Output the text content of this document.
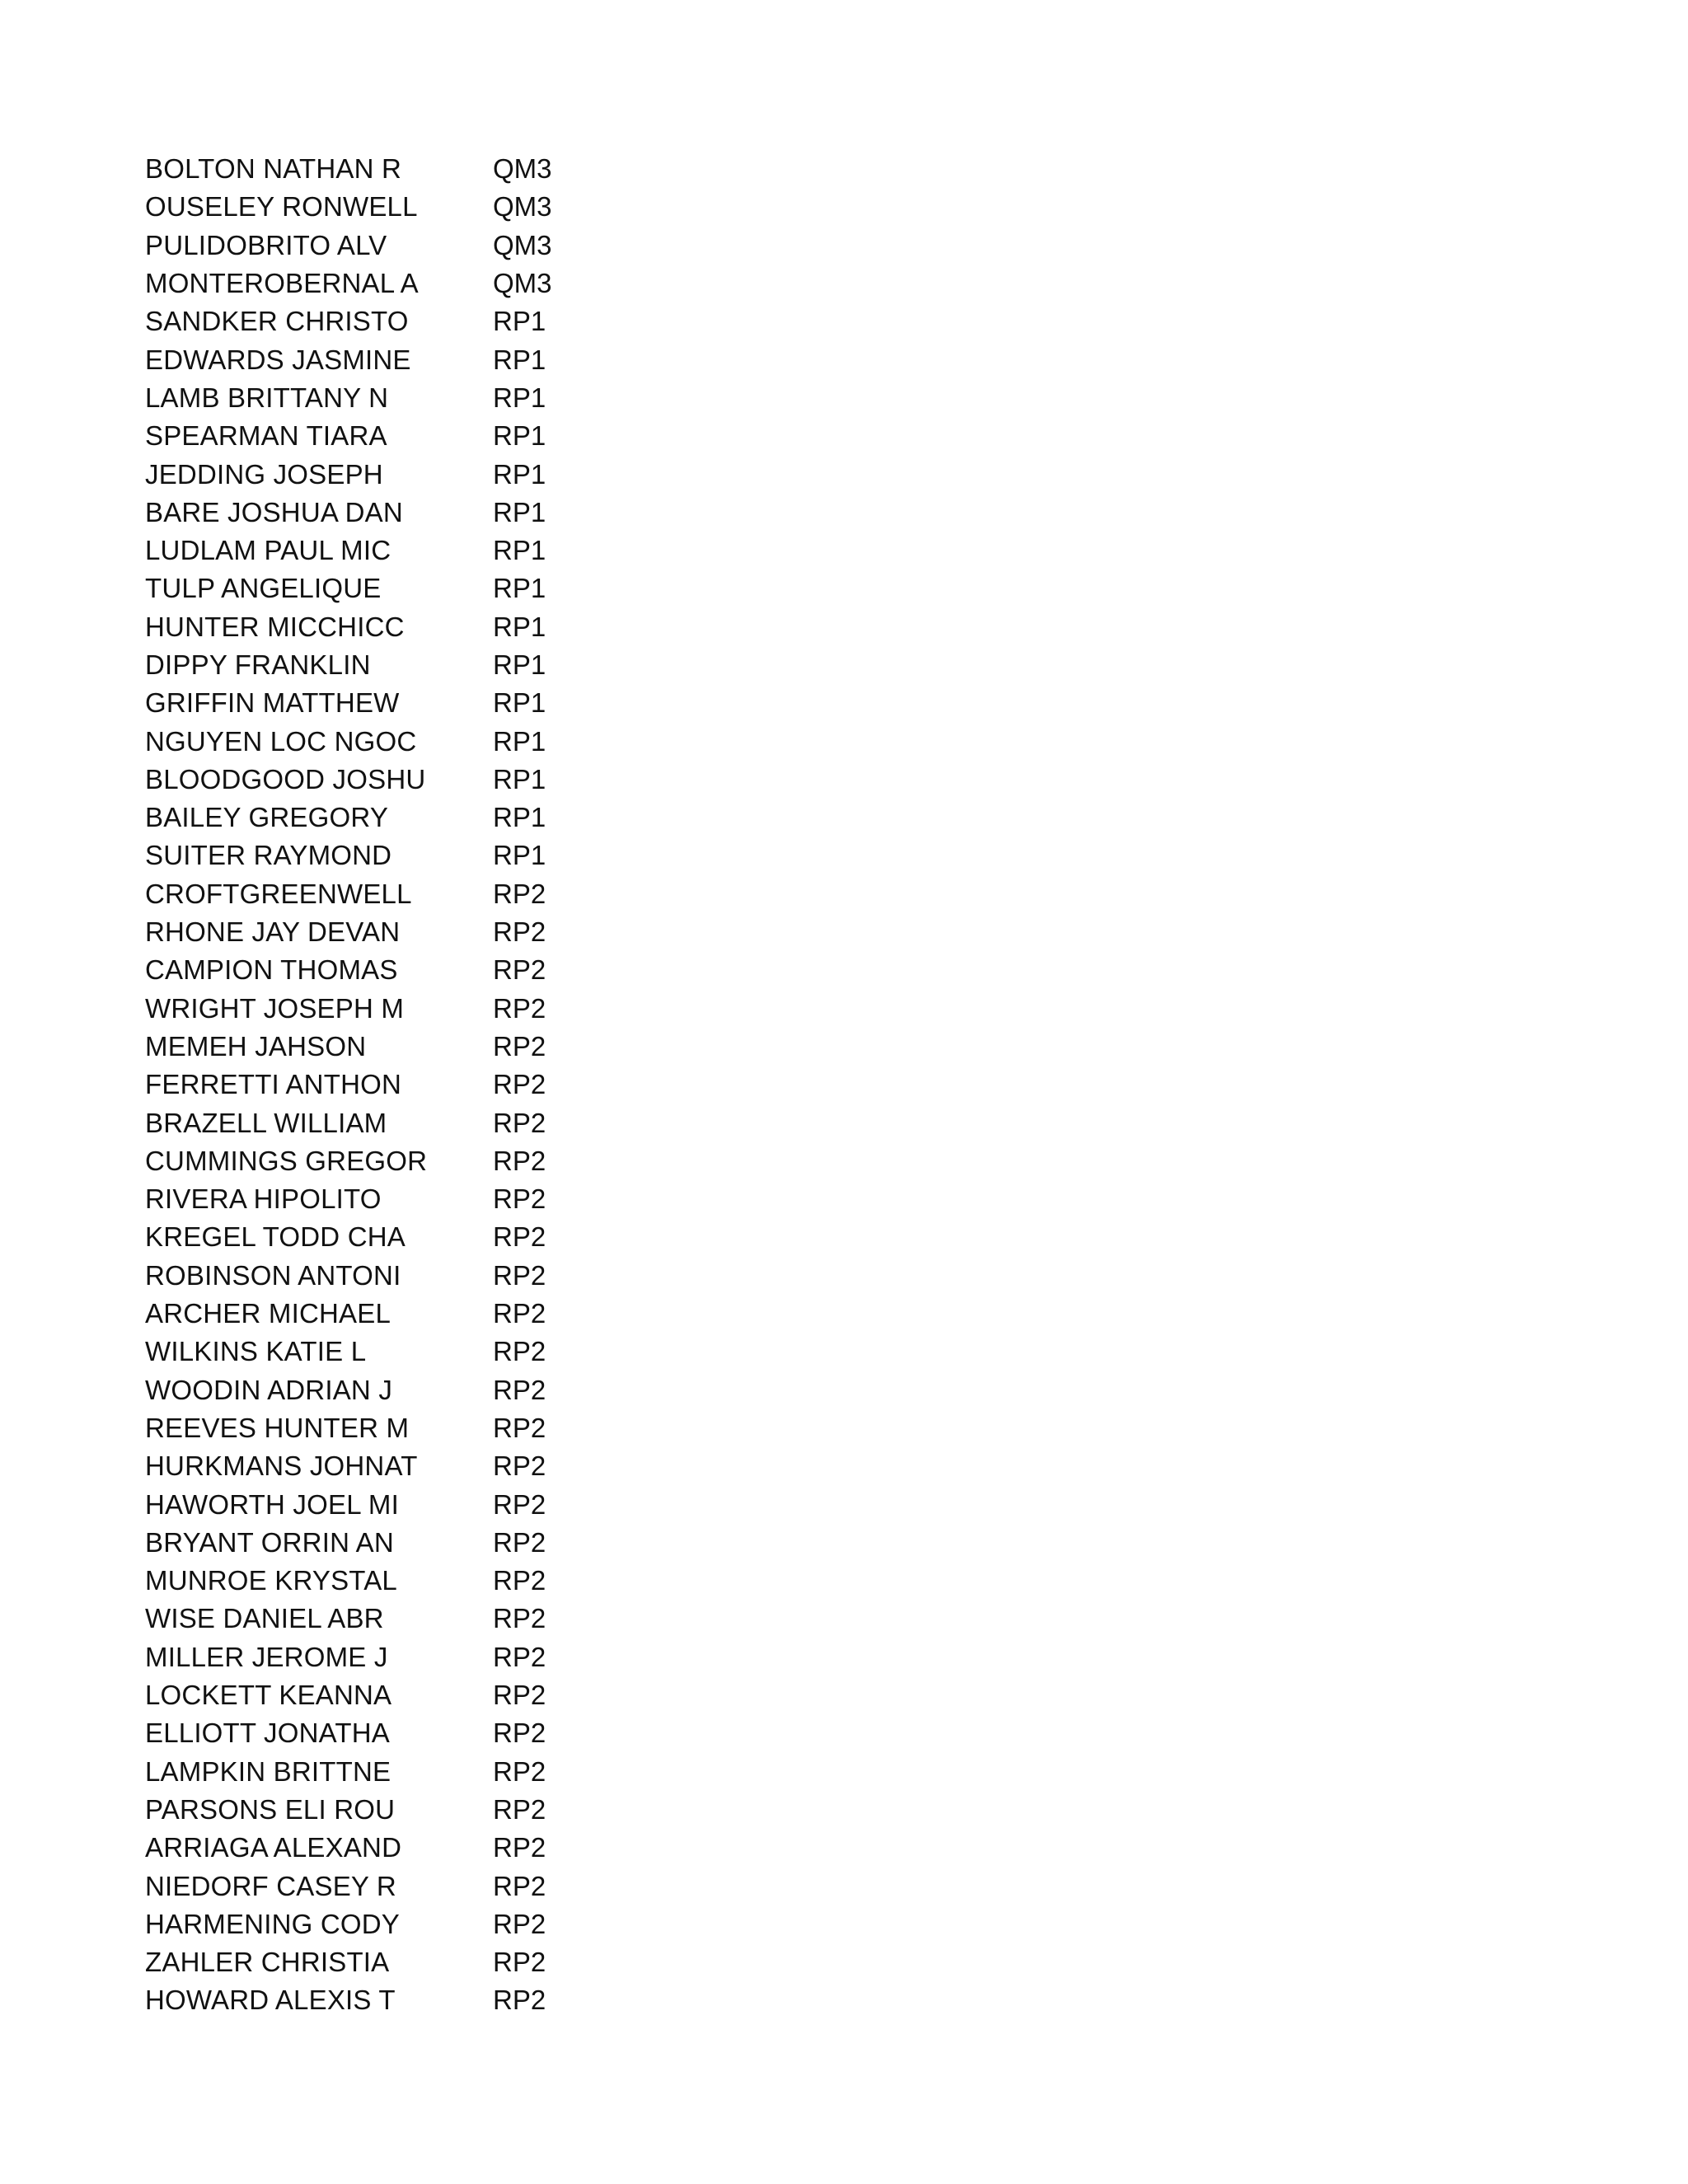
BOLTON NATHAN R	QM3
OUSELEY RONWELL	QM3
PULIDOBRITO ALV	QM3
MONTEROBERNAL A	QM3
SANDKER CHRISTO	RP1
EDWARDS JASMINE	RP1
LAMB BRITTANY N	RP1
SPEARMAN TIARA	RP1
JEDDING JOSEPH	RP1
BARE JOSHUA DAN	RP1
LUDLAM PAUL MIC	RP1
TULP ANGELIQUE	RP1
HUNTER MICCHICC	RP1
DIPPY FRANKLIN	RP1
GRIFFIN MATTHEW	RP1
NGUYEN LOC NGOC	RP1
BLOODGOOD JOSHU	RP1
BAILEY GREGORY	RP1
SUITER RAYMOND	RP1
CROFTGREENWELL	RP2
RHONE JAY DEVAN	RP2
CAMPION THOMAS	RP2
WRIGHT JOSEPH M	RP2
MEMEH JAHSON	RP2
FERRETTI ANTHON	RP2
BRAZELL WILLIAM	RP2
CUMMINGS GREGOR	RP2
RIVERA HIPOLITO	RP2
KREGEL TODD CHA	RP2
ROBINSON ANTONI	RP2
ARCHER MICHAEL	RP2
WILKINS KATIE L	RP2
WOODIN ADRIAN J	RP2
REEVES HUNTER M	RP2
HURKMANS JOHNAT	RP2
HAWORTH JOEL MI	RP2
BRYANT ORRIN AN	RP2
MUNROE KRYSTAL	RP2
WISE DANIEL ABR	RP2
MILLER JEROME J	RP2
LOCKETT KEANNA	RP2
ELLIOTT JONATHA	RP2
LAMPKIN BRITTNE	RP2
PARSONS ELI ROU	RP2
ARRIAGA ALEXAND	RP2
NIEDORF CASEY R	RP2
HARMENING CODY	RP2
ZAHLER CHRISTIA	RP2
HOWARD ALEXIS T	RP2
